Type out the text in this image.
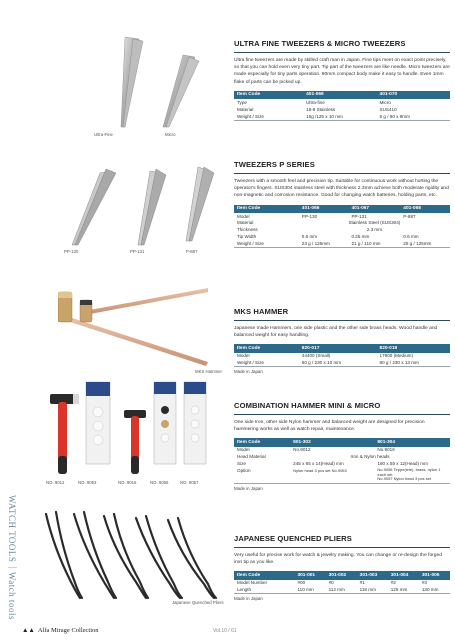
WATCH TOOLS｜Watch tools
Ultra-Fine	Micro
ULTRA FINE TWEEZERS & MICRO TWEEZERS

Ultra fine tweezers are made by skilled craft man in Japan. Fine tips meet on exact point precisely, so that you can hold even very tiny part. Tip part of the tweezers are like needle. Micro tweezers are made especially for tiny parts operation. 90mm compact body make it easy to handle. Even 1mm flake of parts can be picked up.

Item Code	401-069	401-070
Type	Ultra-fine	Micro
Material	18-8 Stainless	SUS410
Weight / Size	15g /125 x 10 mm	8 g / 90 x 9mm
PP-130	PP-131	P-887
TWEEZERS P SERIES

Tweezers with a smooth feel and precision tip. Suitable for continuous work without hurting the operator's fingers. SUS304 stainless steel with thickness 2.3mm achieve both moderate rigidity and non-magnetic and corrosion resistance. Good for changing watch batteries, holding parts, etc.

Item Code	401-066	401-067	401-068
Model	PP-130	PP-131	P-887
Material	Stainless Steel (SUS304)		
Thickness	2.3 mm		
Tip Width	0.6 mm	0.25 mm	0.6 mm
Weight / Size	23 g / 125mm	21 g / 110 mm	25 g / 125mm
MKS Hammer
MKS HAMMER

Japanese made Hammers, one side plastic and the other side brass heads. Wood handle and balanced weight for easy handling.

Item Code	820-017	820-018
Model	44400 (Small)	17900 (Medium)
Weight / Size	60 g / 230 x 10 mm	80 g / 230 x 13 mm
Made in Japan
NO. 9012	NO. 9053	NO. 9016	NO. 9056	NO. 9057
COMBINATION HAMMER MINI & MICRO

One side Iron, other side Nylon hammer and balanced weight are designed for precision hammering works as well as watch repair, maintenance.

Item Code	801-302	801-304
Model	No.9012	No.9016
Head Material	Iron & Nylon heads	
Size	245 x 65 x 14(Head) mm	180 x 55 x 12(Head) mm
Option	Nylon head 3 pcs set No.9053	No.9056 Teppe(iele), brass, nylon 1 each set
No.9057 Nylon head 3 pcs set
Made in Japan
Japanese Quenched Pliers
JAPANESE QUENCHED PLIERS

Very useful for precise work for watch & jewelry making. You can change or re-design the forged iron tip as you like.

Item Code	301-001	301-002	301-003	301-004	301-005
Model Number	#00	#0	#1	#2	#3
Length	110 mm	112 mm	118 mm	125 mm	130 mm
Made in Japan
▲▲ Alfa Mirage Collection	Vol.10 / 61
